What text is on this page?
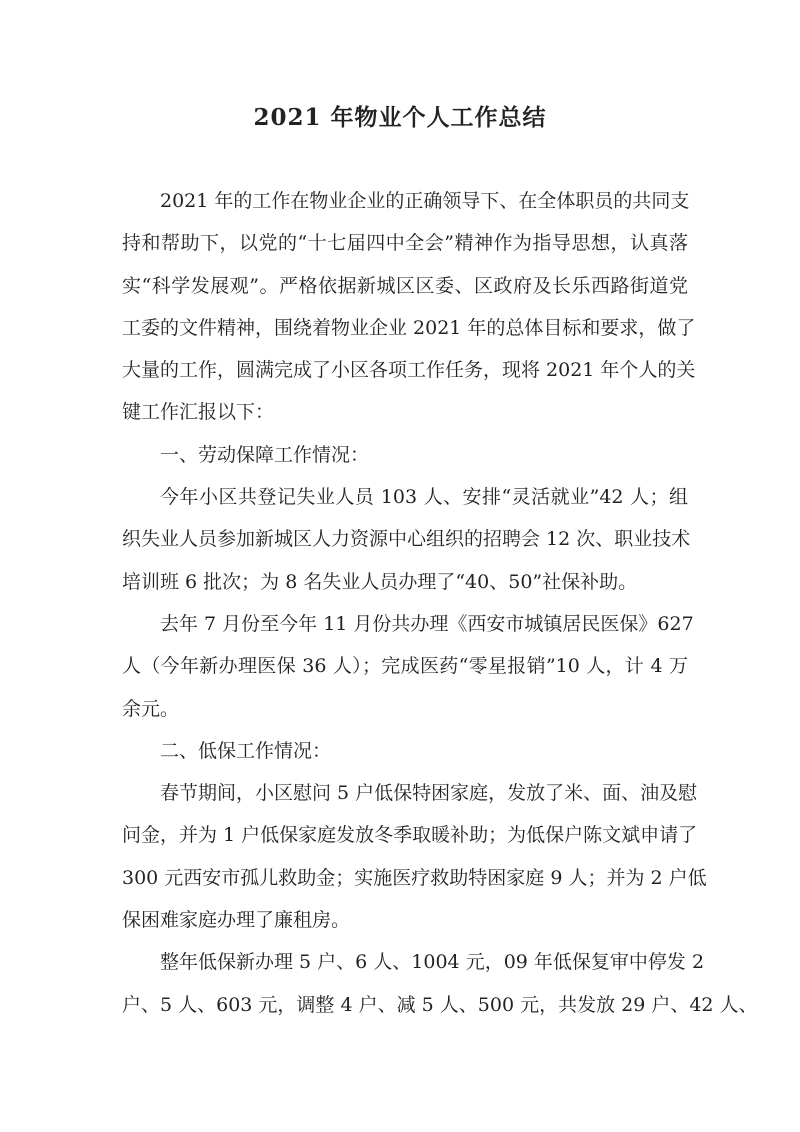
2021 年物业个人工作总结
2021 年的工作在物业企业的正确领导下、在全体职员的共同支
持和帮助下，以党的“十七届四中全会”精神作为指导思想，认真落
实“科学发展观”。严格依据新城区区委、区政府及长乐西路街道党
工委的文件精神，围绕着物业企业 2021 年的总体目标和要求，做了
大量的工作，圆满完成了小区各项工作任务，现将 2021 年个人的关
键工作汇报以下：
一、劳动保障工作情况：
今年小区共登记失业人员 103 人、安排“灵活就业”42 人；组
织失业人员参加新城区人力资源中心组织的招聘会 12 次、职业技术
培训班 6 批次；为 8 名失业人员办理了“40、50”社保补助。
去年 7 月份至今年 11 月份共办理《西安市城镇居民医保》627
人（今年新办理医保 36 人）；完成医药“零星报销”10 人，计 4 万
余元。
二、低保工作情况：
春节期间，小区慰问 5 户低保特困家庭，发放了米、面、油及慰
问金，并为 1 户低保家庭发放冬季取暖补助；为低保户陈文斌申请了
300 元西安市孤儿救助金；实施医疗救助特困家庭 9 人；并为 2 户低
保困难家庭办理了廉租房。
整年低保新办理 5 户、6 人、1004 元，09 年低保复审中停发 2
户、5 人、603 元，调整 4 户、减 5 人、500 元，共发放 29 户、42 人、
